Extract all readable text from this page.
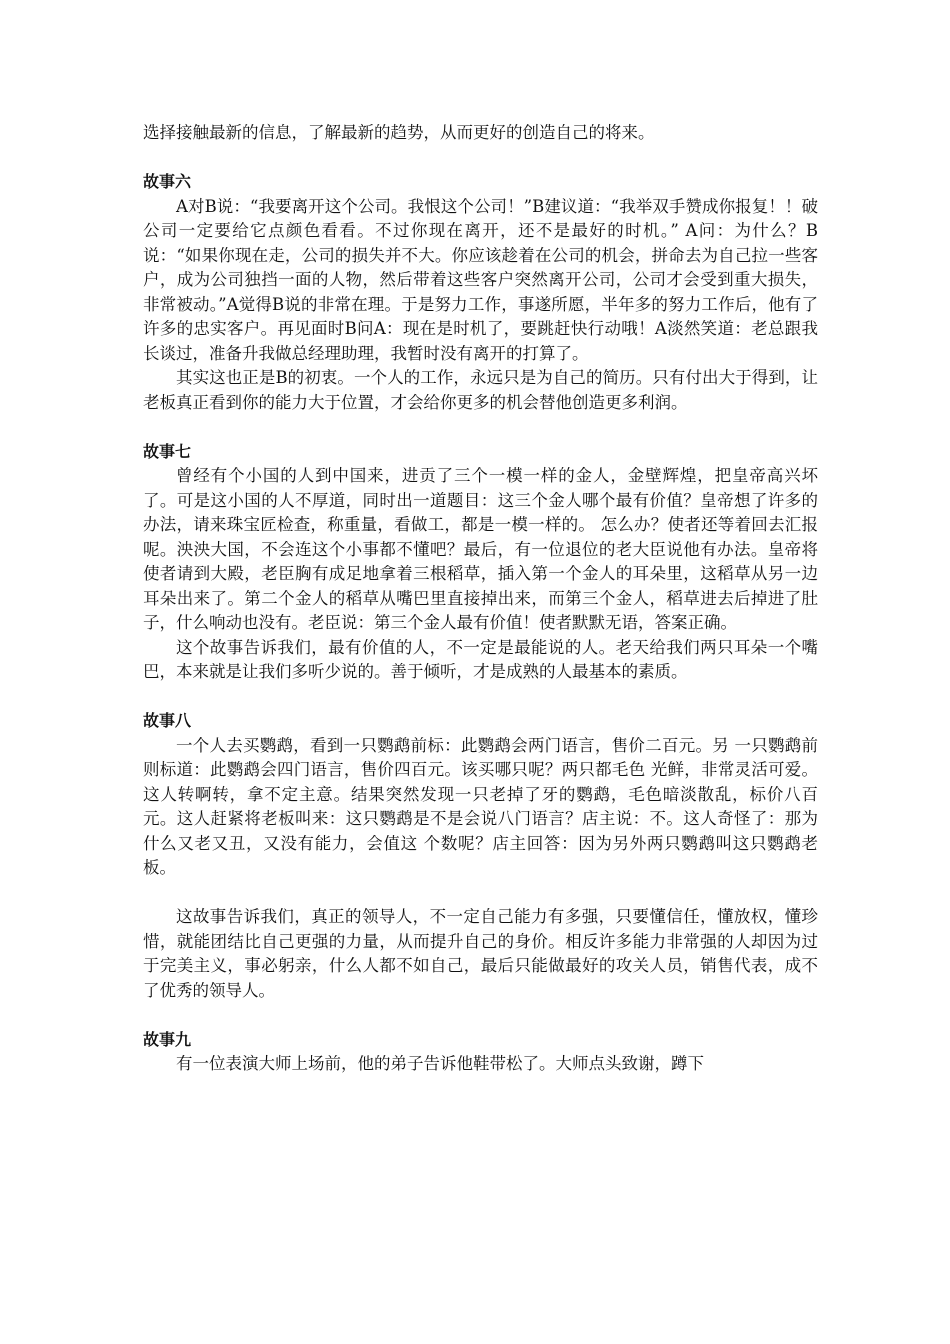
选择接触最新的信息，了解最新的趋势，从而更好的创造自己的将来。

故事六

A对B说：“我要离开这个公司。我恨这个公司！”B建议道：“我举双手赞成你报复！！破公司一定要给它点颜色看看。不过你现在离开，还不是最好的时机。” A问：为什么？B说：“如果你现在走，公司的损失并不大。你应该趁着在公司的机会，拼命去为自己拉一些客户，成为公司独挡一面的人物，然后带着这些客户突然离开公司，公司才会受到重大损失，非常被动。”A觉得B说的非常在理。于是努力工作，事遂所愿，半年多的努力工作后，他有了许多的忠实客户。再见面时B问A：现在是时机了，要跳赶快行动哦！A淡然笑道：老总跟我长谈过，准备升我做总经理助理，我暂时没有离开的打算了。

其实这也正是B的初衷。一个人的工作，永远只是为自己的简历。只有付出大于得到，让老板真正看到你的能力大于位置，才会给你更多的机会替他创造更多利润。

故事七

曾经有个小国的人到中国来，进贡了三个一模一样的金人，金壁辉煌，把皇帝高兴坏了。可是这小国的人不厚道，同时出一道题目：这三个金人哪个最有价值？皇帝想了许多的办法，请来珠宝匠检查，称重量，看做工，都是一模一样的。 怎么办？使者还等着回去汇报呢。泱泱大国，不会连这个小事都不懂吧？最后，有一位退位的老大臣说他有办法。皇帝将使者请到大殿，老臣胸有成足地拿着三根稻草，插入第一个金人的耳朵里，这稻草从另一边耳朵出来了。第二个金人的稻草从嘴巴里直接掉出来，而第三个金人，稻草进去后掉进了肚子，什么响动也没有。老臣说：第三个金人最有价值！使者默默无语，答案正确。

这个故事告诉我们，最有价值的人，不一定是最能说的人。老天给我们两只耳朵一个嘴巴，本来就是让我们多听少说的。善于倾听，才是成熟的人最基本的素质。

故事八

一个人去买鹦鹉，看到一只鹦鹉前标：此鹦鹉会两门语言，售价二百元。另 一只鹦鹉前则标道：此鹦鹉会四门语言，售价四百元。该买哪只呢？两只都毛色 光鲜，非常灵活可爱。这人转啊转，拿不定主意。结果突然发现一只老掉了牙的鹦鹉，毛色暗淡散乱，标价八百元。这人赶紧将老板叫来：这只鹦鹉是不是会说八门语言？店主说：不。这人奇怪了：那为什么又老又丑，又没有能力，会值这 个数呢？店主回答：因为另外两只鹦鹉叫这只鹦鹉老板。

这故事告诉我们，真正的领导人，不一定自己能力有多强，只要懂信任，懂放权，懂珍惜，就能团结比自己更强的力量，从而提升自己的身价。相反许多能力非常强的人却因为过于完美主义，事必躬亲，什么人都不如自己，最后只能做最好的攻关人员，销售代表，成不了优秀的领导人。

故事九

有一位表演大师上场前，他的弟子告诉他鞋带松了。大师点头致谢，蹲下
